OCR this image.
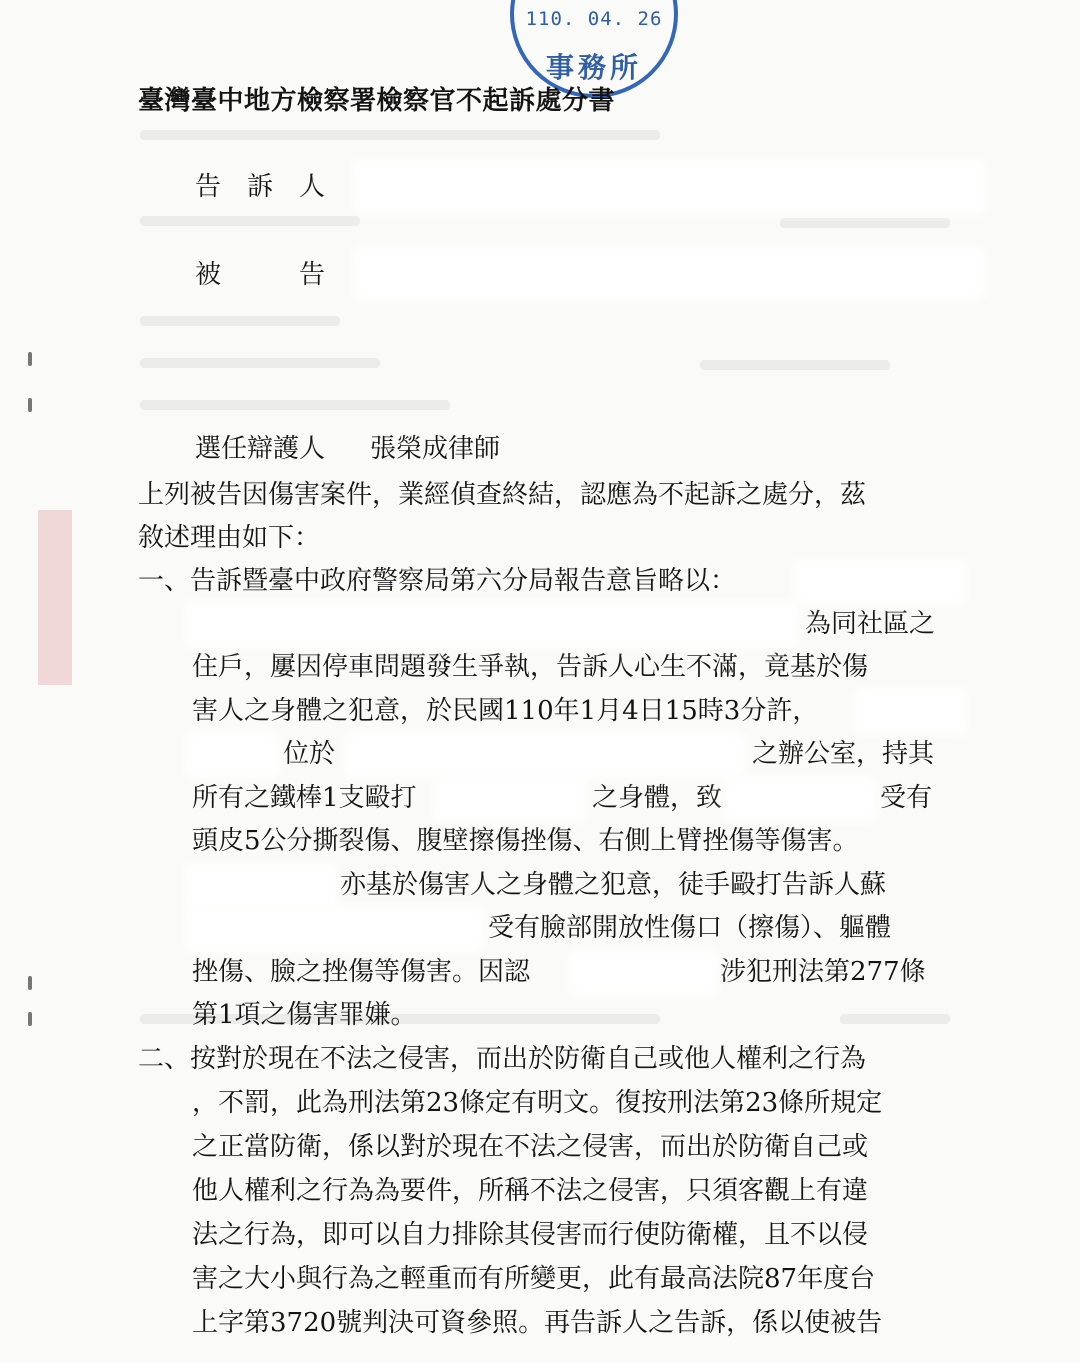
110. 04. 26
事務所
臺灣臺中地方檢察署檢察官不起訴處分書
告　訴　人
被　　　告
選任辯護人 張榮成律師
上列被告因傷害案件，業經偵查終結，認應為不起訴之處分，茲
敘述理由如下：
一、告訴暨臺中政府警察局第六分局報告意旨略以：
為同社區之
住戶，屢因停車問題發生爭執，告訴人心生不滿，竟基於傷
害人之身體之犯意，於民國110年1月4日15時3分許，
位於	之辦公室，持其
所有之鐵棒1支毆打	之身體，致	受有
頭皮5公分撕裂傷、腹壁擦傷挫傷、右側上臂挫傷等傷害。
亦基於傷害人之身體之犯意，徒手毆打告訴人蘇
受有臉部開放性傷口（擦傷）、軀體
挫傷、臉之挫傷等傷害。因認	涉犯刑法第277條
第1項之傷害罪嫌。
二、按對於現在不法之侵害，而出於防衛自己或他人權利之行為
，不罰，此為刑法第23條定有明文。復按刑法第23條所規定
之正當防衛，係以對於現在不法之侵害，而出於防衛自己或
他人權利之行為為要件，所稱不法之侵害，只須客觀上有違
法之行為，即可以自力排除其侵害而行使防衛權，且不以侵
害之大小與行為之輕重而有所變更，此有最高法院87年度台
上字第3720號判決可資參照。再告訴人之告訴，係以使被告
